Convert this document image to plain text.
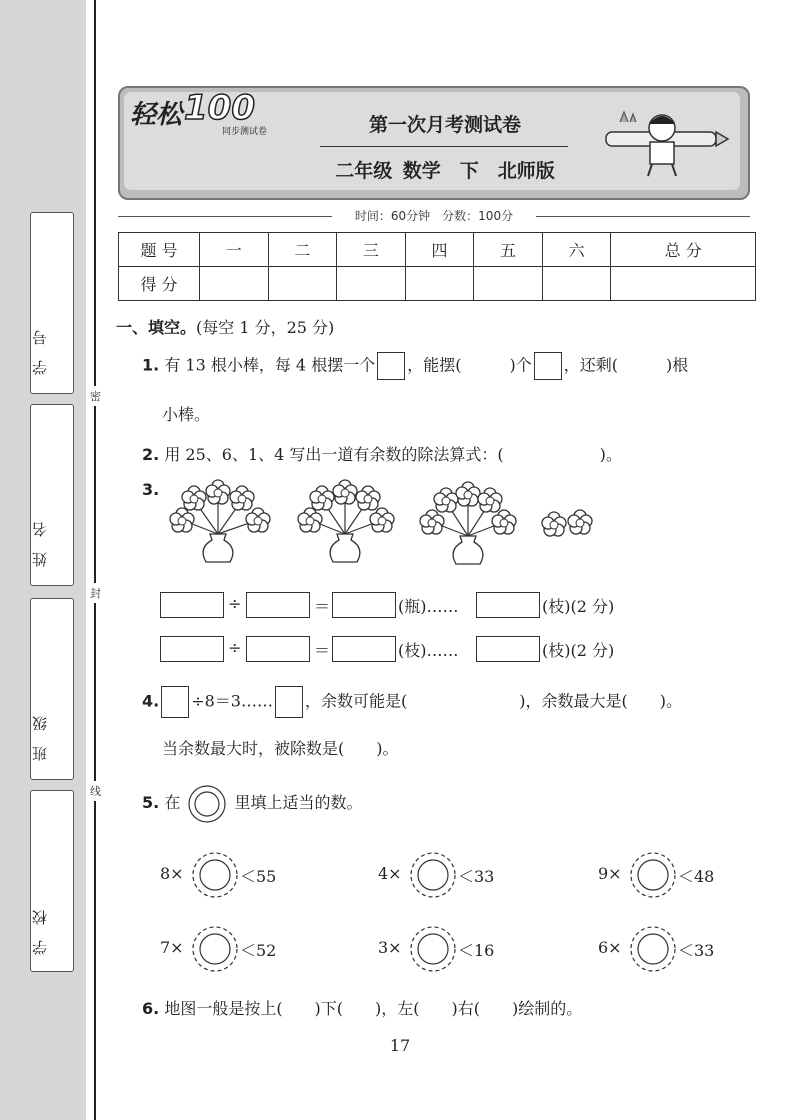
学　号
姓　名
班　级
学　校
密
封
线
轻松 100
同步测试卷	第一次月考测试卷
二年级 数学　下　北师版
时间：60分钟　分数：100分
题 号	一	二	三	四	五	六	总 分
得 分							
一、填空。(每空 1 分，25 分)
1. 有 13 根小棒，每 4 根摆一个 ，能摆(　　　)个 ，还剩(　　　)根
小棒。
2. 用 25、6、1、4 写出一道有余数的除法算式：(　　　　　　)。
3.
÷	＝	(瓶)……	(枝)(2 分)
÷	＝	(枝)……	(枝)(2 分)
4. ÷8＝3…… ，余数可能是(　　　　　　　)，余数最大是(　　)。
当余数最大时，被除数是(　　)。
5. 在	里填上适当的数。
8×	＜55	4×	＜33	9×	＜48
7×	＜52	3×	＜16	6×	＜33
6. 地图一般是按上(　　)下(　　)，左(　　)右(　　)绘制的。
17
